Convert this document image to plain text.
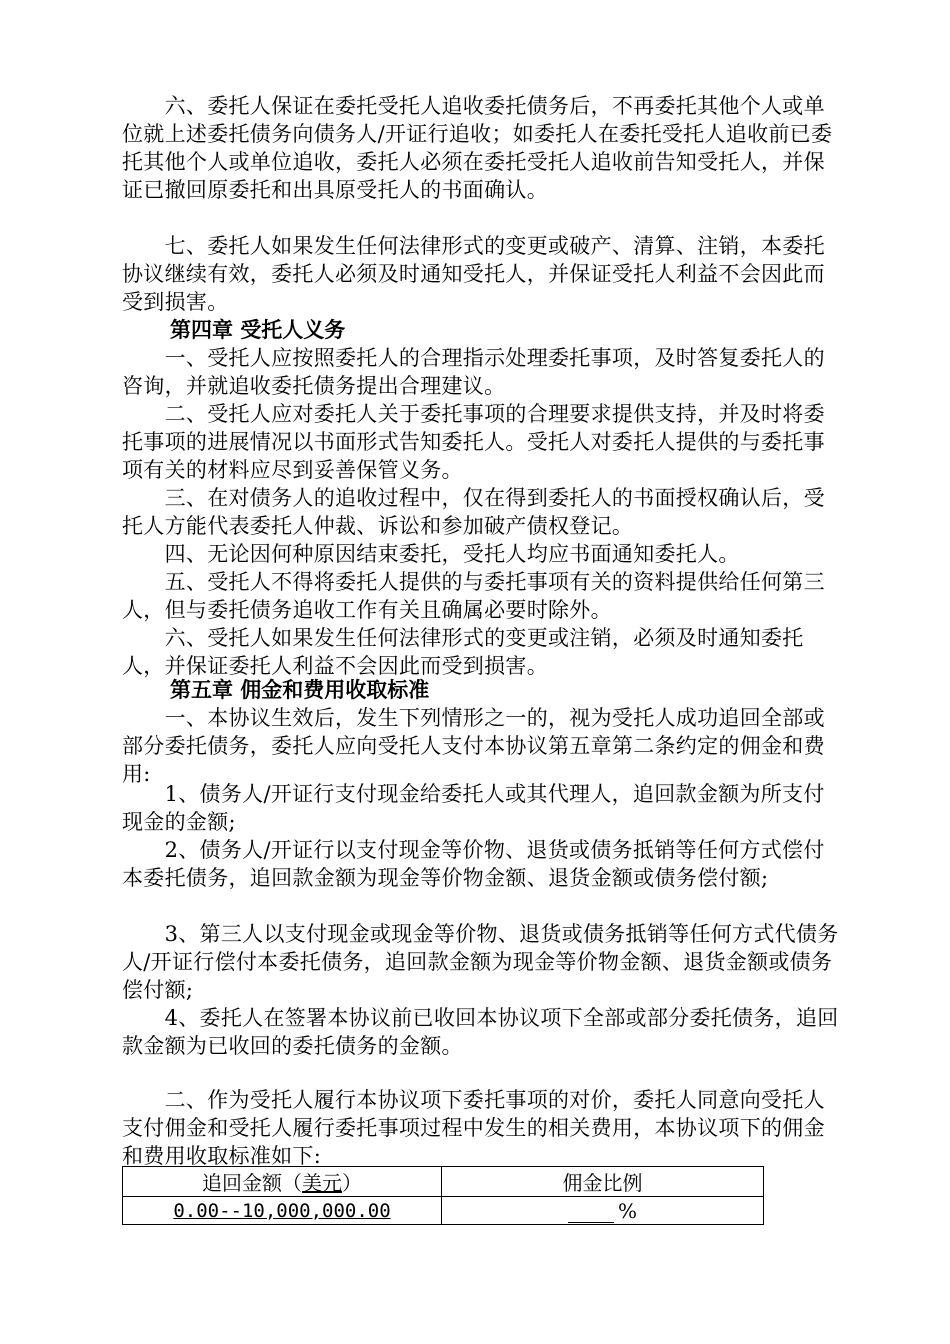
　　六、委托人保证在委托受托人追收委托债务后，不再委托其他个人或单位就上述委托债务向债务人/开证行追收；如委托人在委托受托人追收前已委托其他个人或单位追收，委托人必须在委托受托人追收前告知受托人，并保证已撤回原委托和出具原受托人的书面确认。

　　七、委托人如果发生任何法律形式的变更或破产、清算、注销，本委托协议继续有效，委托人必须及时通知受托人，并保证受托人利益不会因此而受到损害。

第四章 受托人义务

　　一、受托人应按照委托人的合理指示处理委托事项，及时答复委托人的咨询，并就追收委托债务提出合理建议。

　　二、受托人应对委托人关于委托事项的合理要求提供支持，并及时将委托事项的进展情况以书面形式告知委托人。受托人对委托人提供的与委托事项有关的材料应尽到妥善保管义务。

　　三、在对债务人的追收过程中，仅在得到委托人的书面授权确认后，受托人方能代表委托人仲裁、诉讼和参加破产债权登记。

　　四、无论因何种原因结束委托，受托人均应书面通知委托人。

　　五、受托人不得将委托人提供的与委托事项有关的资料提供给任何第三人，但与委托债务追收工作有关且确属必要时除外。

　　六、受托人如果发生任何法律形式的变更或注销，必须及时通知委托人，并保证委托人利益不会因此而受到损害。

第五章 佣金和费用收取标准

　　一、本协议生效后，发生下列情形之一的，视为受托人成功追回全部或部分委托债务，委托人应向受托人支付本协议第五章第二条约定的佣金和费用:

　　1、债务人/开证行支付现金给委托人或其代理人，追回款金额为所支付现金的金额;

　　2、债务人/开证行以支付现金等价物、退货或债务抵销等任何方式偿付本委托债务，追回款金额为现金等价物金额、退货金额或债务偿付额;

　　3、第三人以支付现金或现金等价物、退货或债务抵销等任何方式代债务人/开证行偿付本委托债务，追回款金额为现金等价物金额、退货金额或债务偿付额;

　　4、委托人在签署本协议前已收回本协议项下全部或部分委托债务，追回款金额为已收回的委托债务的金额。

　　二、作为受托人履行本协议项下委托事项的对价，委托人同意向受托人支付佣金和受托人履行委托事项过程中发生的相关费用，本协议项下的佣金和费用收取标准如下:

追回金额（美元）	佣金比例
0.00--10,000,000.00	%
